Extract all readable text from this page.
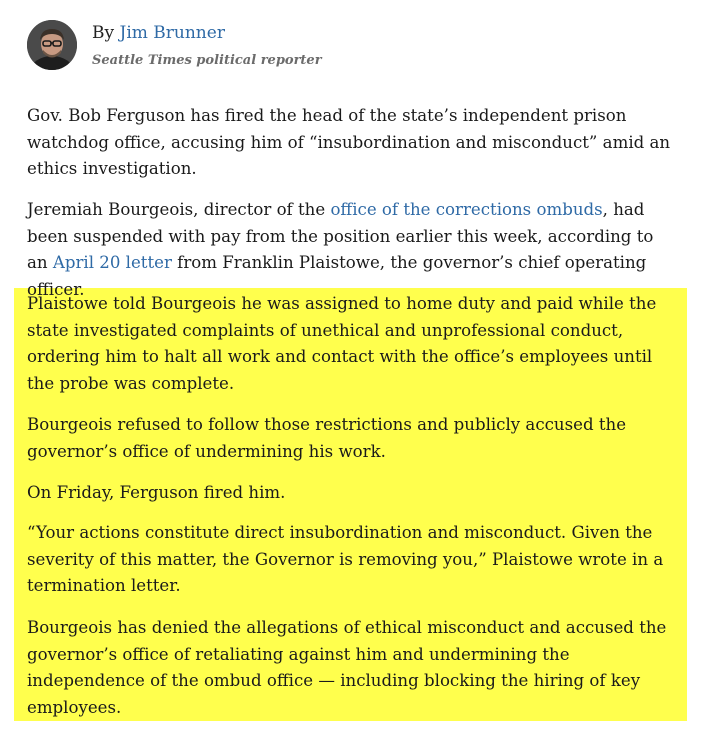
By Jim Brunner
Seattle Times political reporter

Gov. Bob Ferguson has fired the head of the state’s independent prison watchdog office, accusing him of “insubordination and misconduct” amid an ethics investigation.

Jeremiah Bourgeois, director of the office of the corrections ombuds, had been suspended with pay from the position earlier this week, according to an April 20 letter from Franklin Plaistowe, the governor’s chief operating officer.

Plaistowe told Bourgeois he was assigned to home duty and paid while the state investigated complaints of unethical and unprofessional conduct, ordering him to halt all work and contact with the office’s employees until the probe was complete.

Bourgeois refused to follow those restrictions and publicly accused the governor’s office of undermining his work.

On Friday, Ferguson fired him.

“Your actions constitute direct insubordination and misconduct. Given the severity of this matter, the Governor is removing you,” Plaistowe wrote in a termination letter.

Bourgeois has denied the allegations of ethical misconduct and accused the governor’s office of retaliating against him and undermining the independence of the ombud office — including blocking the hiring of key employees.
